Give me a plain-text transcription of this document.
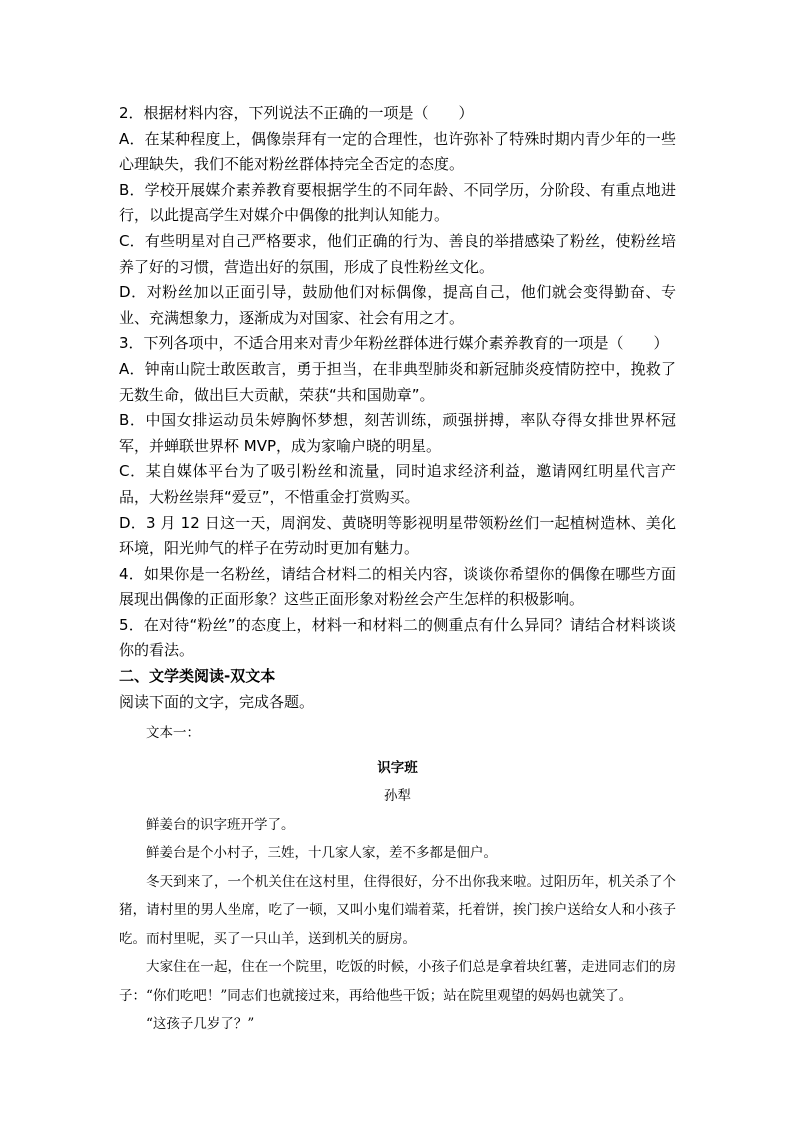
2．根据材料内容，下列说法不正确的一项是（　　）

A．在某种程度上，偶像崇拜有一定的合理性，也许弥补了特殊时期内青少年的一些心理缺失，我们不能对粉丝群体持完全否定的态度。

B．学校开展媒介素养教育要根据学生的不同年龄、不同学历，分阶段、有重点地进行，以此提高学生对媒介中偶像的批判认知能力。

C．有些明星对自己严格要求，他们正确的行为、善良的举措感染了粉丝，使粉丝培养了好的习惯，营造出好的氛围，形成了良性粉丝文化。

D．对粉丝加以正面引导，鼓励他们对标偶像，提高自己，他们就会变得勤奋、专业、充满想象力，逐渐成为对国家、社会有用之才。

3．下列各项中，不适合用来对青少年粉丝群体进行媒介素养教育的一项是（　　）

A．钟南山院士敢医敢言，勇于担当，在非典型肺炎和新冠肺炎疫情防控中，挽救了无数生命，做出巨大贡献，荣获“共和国勋章”。

B．中国女排运动员朱婷胸怀梦想，刻苦训练，顽强拼搏，率队夺得女排世界杯冠军，并蝉联世界杯 MVP，成为家喻户晓的明星。

C．某自媒体平台为了吸引粉丝和流量，同时追求经济利益，邀请网红明星代言产品，大粉丝崇拜“爱豆”，不惜重金打赏购买。

D．3 月 12 日这一天，周润发、黄晓明等影视明星带领粉丝们一起植树造林、美化环境，阳光帅气的样子在劳动时更加有魅力。

4．如果你是一名粉丝，请结合材料二的相关内容，谈谈你希望你的偶像在哪些方面展现出偶像的正面形象？这些正面形象对粉丝会产生怎样的积极影响。

5．在对待“粉丝”的态度上，材料一和材料二的侧重点有什么异同？请结合材料谈谈你的看法。

二、文学类阅读-双文本

阅读下面的文字，完成各题。

文本一：

识字班

孙犁

鲜姜台的识字班开学了。

鲜姜台是个小村子，三姓，十几家人家，差不多都是佃户。

冬天到来了，一个机关住在这村里，住得很好，分不出你我来啦。过阳历年，机关杀了个猪，请村里的男人坐席，吃了一顿，又叫小鬼们端着菜，托着饼，挨门挨户送给女人和小孩子吃。而村里呢，买了一只山羊，送到机关的厨房。

大家住在一起，住在一个院里，吃饭的时候，小孩子们总是拿着块红薯，走进同志们的房子：“你们吃吧！”同志们也就接过来，再给他些干饭；站在院里观望的妈妈也就笑了。

“这孩子几岁了？”
